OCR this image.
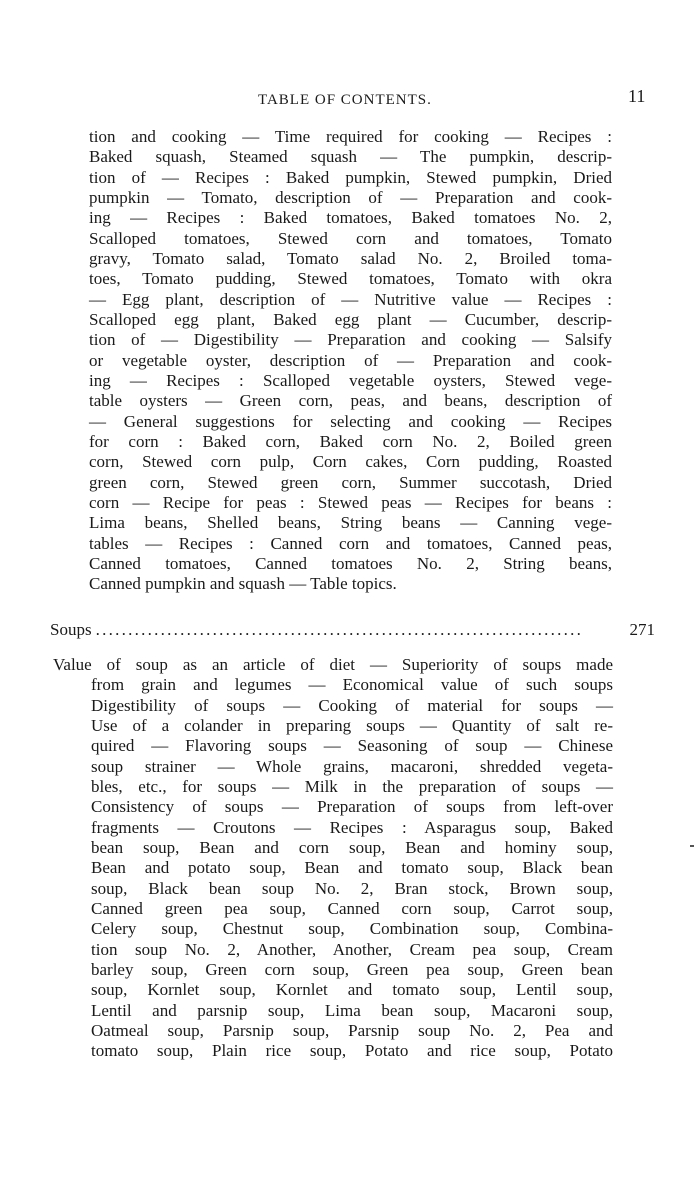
TABLE OF CONTENTS.	11
tion and cooking — Time required for cooking — Recipes :
Baked squash, Steamed squash — The pumpkin, descrip-
tion of — Recipes : Baked pumpkin, Stewed pumpkin, Dried
pumpkin — Tomato, description of — Preparation and cook-
ing — Recipes : Baked tomatoes, Baked tomatoes No. 2,
Scalloped tomatoes, Stewed corn and tomatoes, Tomato
gravy, Tomato salad, Tomato salad No. 2, Broiled toma-
toes, Tomato pudding, Stewed tomatoes, Tomato with okra
— Egg plant, description of — Nutritive value — Recipes :
Scalloped egg plant, Baked egg plant — Cucumber, descrip-
tion of — Digestibility — Preparation and cooking — Salsify
or vegetable oyster, description of — Preparation and cook-
ing — Recipes : Scalloped vegetable oysters, Stewed vege-
table oysters — Green corn, peas, and beans, description of
— General suggestions for selecting and cooking — Recipes
for corn : Baked corn, Baked corn No. 2, Boiled green
corn, Stewed corn pulp, Corn cakes, Corn pudding, Roasted
green corn, Stewed green corn, Summer succotash, Dried
corn — Recipe for peas : Stewed peas — Recipes for beans :
Lima beans, Shelled beans, String beans — Canning vege-
tables — Recipes : Canned corn and tomatoes, Canned peas,
Canned tomatoes, Canned tomatoes No. 2, String beans,
Canned pumpkin and squash — Table topics.
Soups
. . .	271
Value of soup as an article of diet — Superiority of soups made
from grain and legumes — Economical value of such soups
Digestibility of soups — Cooking of material for soups —
Use of a colander in preparing soups — Quantity of salt re-
quired — Flavoring soups — Seasoning of soup — Chinese
soup strainer — Whole grains, macaroni, shredded vegeta-
bles, etc., for soups — Milk in the preparation of soups —
Consistency of soups — Preparation of soups from left-over
fragments — Croutons — Recipes : Asparagus soup, Baked
bean soup, Bean and corn soup, Bean and hominy soup,
Bean and potato soup, Bean and tomato soup, Black bean
soup, Black bean soup No. 2, Bran stock, Brown soup,
Canned green pea soup, Canned corn soup, Carrot soup,
Celery soup, Chestnut soup, Combination soup, Combina-
tion soup No. 2, Another, Another, Cream pea soup, Cream
barley soup, Green corn soup, Green pea soup, Green bean
soup, Kornlet soup, Kornlet and tomato soup, Lentil soup,
Lentil and parsnip soup, Lima bean soup, Macaroni soup,
Oatmeal soup, Parsnip soup, Parsnip soup No. 2, Pea and
tomato soup, Plain rice soup, Potato and rice soup, Potato
